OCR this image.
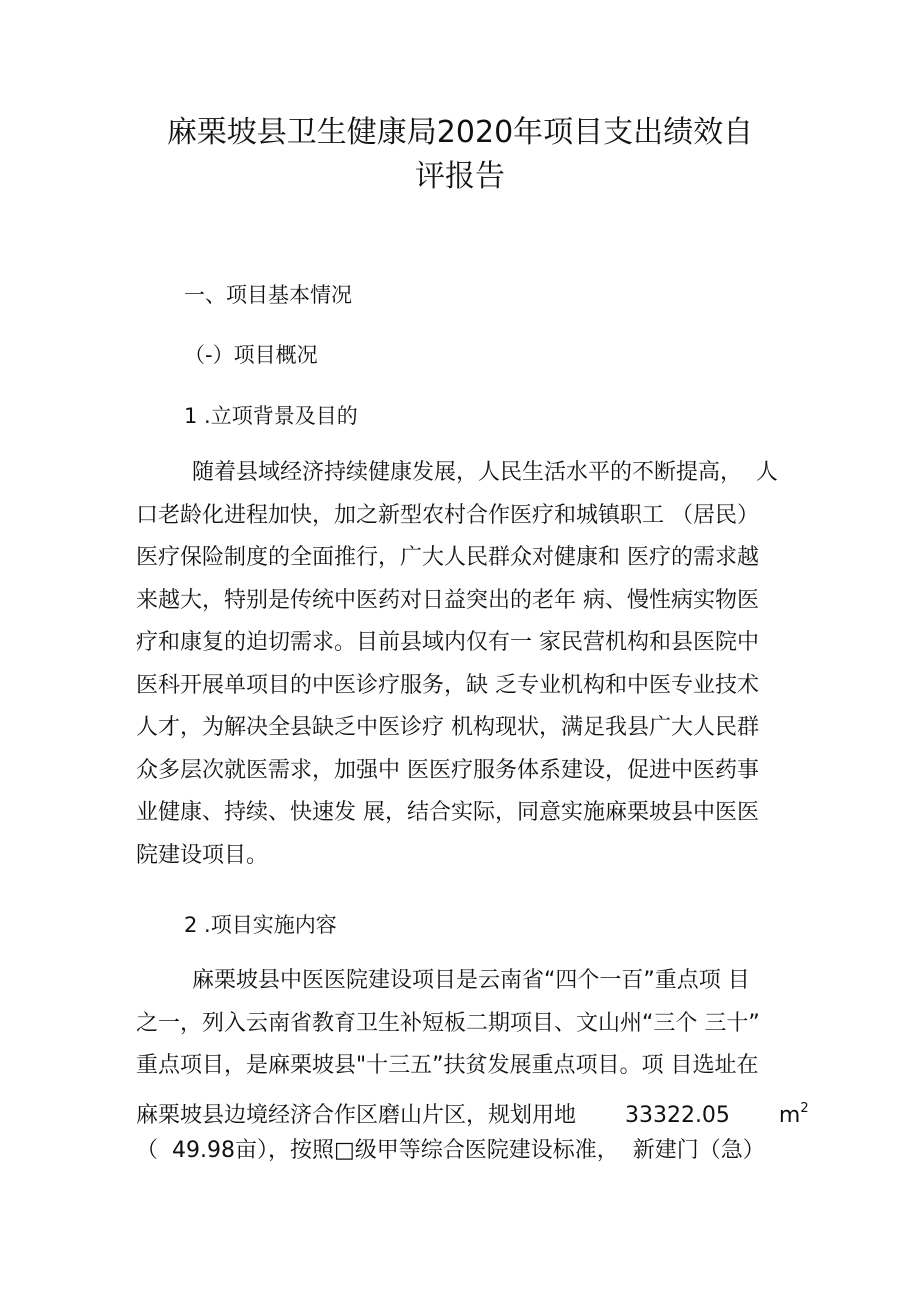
麻栗坡县卫生健康局2020年项目支出绩效自
评报告
一、项目基本情况
（-）项目概况
1 .立项背景及目的
随着县域经济持续健康发展，人民生活水平的不断提高，  人
口老龄化进程加快，加之新型农村合作医疗和城镇职工 （居民）
医疗保险制度的全面推行，广大人民群众对健康和 医疗的需求越
来越大，特别是传统中医药对日益突出的老年 病、慢性病实物医
疗和康复的迫切需求。目前县域内仅有一 家民营机构和县医院中
医科开展单项目的中医诊疗服务，缺 乏专业机构和中医专业技术
人才，为解决全县缺乏中医诊疗 机构现状，满足我县广大人民群
众多层次就医需求，加强中 医医疗服务体系建设，促进中医药事
业健康、持续、快速发 展，结合实际，同意实施麻栗坡县中医医
院建设项目。
2 .项目实施内容
麻栗坡县中医医院建设项目是云南省“四个一百”重点项 目
之一，列入云南省教育卫生补短板二期项目、文山州“三个 三十”
重点项目，是麻栗坡县"十三五”扶贫发展重点项目。项 目选址在
麻栗坡县边境经济合作区磨山片区，规划用地       33322.05       $m^2$
（  49.98亩），按照□级甲等综合医院建设标准，  新建门（急）
